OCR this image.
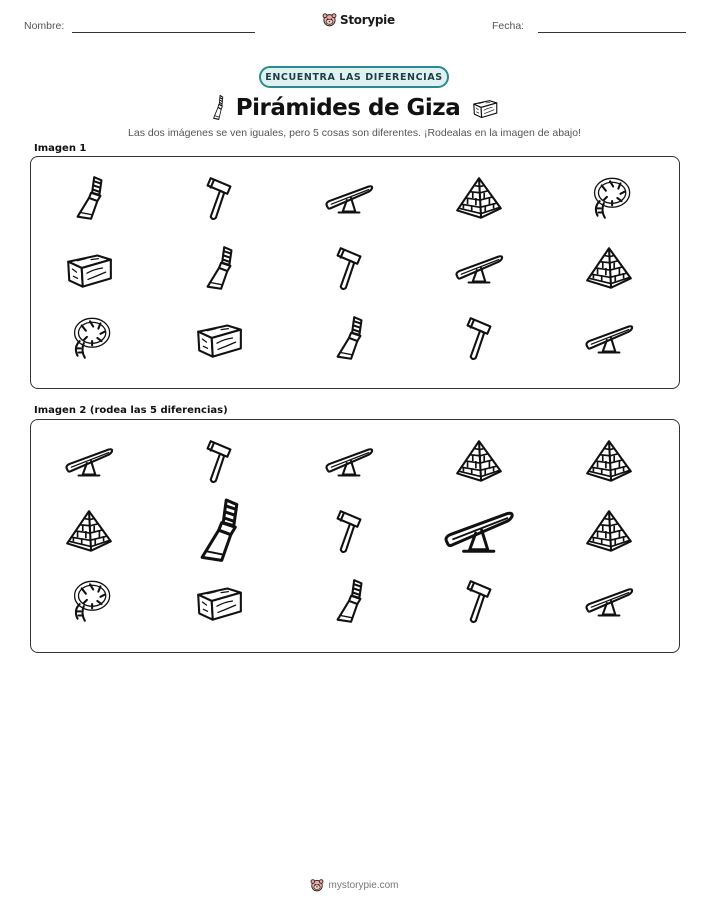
Nombre:	Storypie	Fecha:
ENCUENTRA LAS DIFERENCIAS
Pirámides de Giza
Las dos imágenes se ven iguales, pero 5 cosas son diferentes. ¡Rodealas en la imagen de abajo!
Imagen 1
Imagen 2 (rodea las 5 diferencias)
mystorypie.com
